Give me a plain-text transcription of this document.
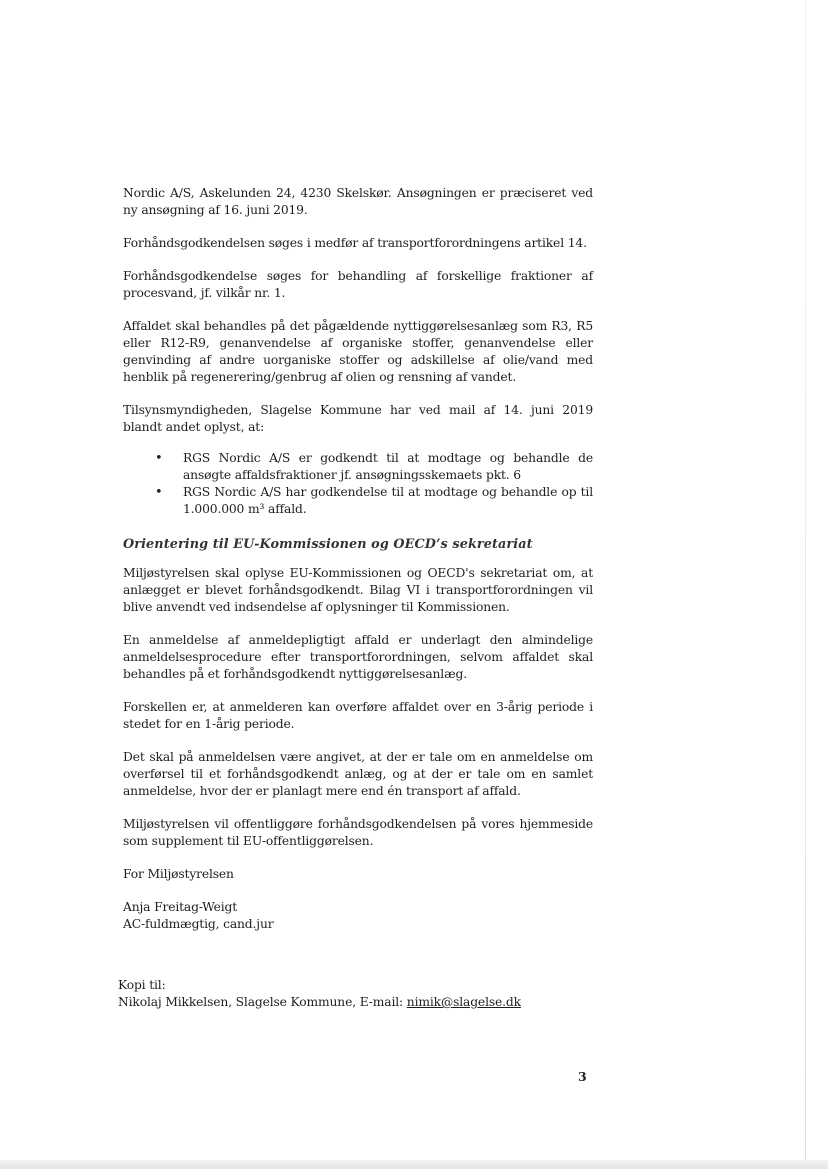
Nordic A/S, Askelunden 24, 4230 Skelskør. Ansøgningen er præciseret ved ny ansøgning af 16. juni 2019.

Forhåndsgodkendelsen søges i medfør af transportforordningens artikel 14.

Forhåndsgodkendelse søges for behandling af forskellige fraktioner af procesvand, jf. vilkår nr. 1.

Affaldet skal behandles på det pågældende nyttiggørelsesanlæg som R3, R5 eller R12-R9, genanvendelse af organiske stoffer, genanvendelse eller genvinding af andre uorganiske stoffer og adskillelse af olie/vand med henblik på regenerering/genbrug af olien og rensning af vandet.

Tilsynsmyndigheden, Slagelse Kommune har ved mail af 14. juni 2019 blandt andet oplyst, at:

• RGS Nordic A/S er godkendt til at modtage og behandle de ansøgte affaldsfraktioner jf. ansøgningsskemaets pkt. 6
• RGS Nordic A/S har godkendelse til at modtage og behandle op til 1.000.000 m³ affald.
Orientering til EU-Kommissionen og OECD’s sekretariat

Miljøstyrelsen skal oplyse EU-Kommissionen og OECD's sekretariat om, at anlægget er blevet forhåndsgodkendt. Bilag VI i transportforordningen vil blive anvendt ved indsendelse af oplysninger til Kommissionen.

En anmeldelse af anmeldepligtigt affald er underlagt den almindelige anmeldelsesprocedure efter transportforordningen, selvom affaldet skal behandles på et forhåndsgodkendt nyttiggørelsesanlæg.

Forskellen er, at anmelderen kan overføre affaldet over en 3-årig periode i stedet for en 1-årig periode.

Det skal på anmeldelsen være angivet, at der er tale om en anmeldelse om overførsel til et forhåndsgodkendt anlæg, og at der er tale om en samlet anmeldelse, hvor der er planlagt mere end én transport af affald.

Miljøstyrelsen vil offentliggøre forhåndsgodkendelsen på vores hjemmeside som supplement til EU-offentliggørelsen.

For Miljøstyrelsen

Anja Freitag-Weigt

AC-fuldmægtig, cand.jur

Kopi til:

Nikolaj Mikkelsen, Slagelse Kommune, E-mail: nimik@slagelse.dk

3
